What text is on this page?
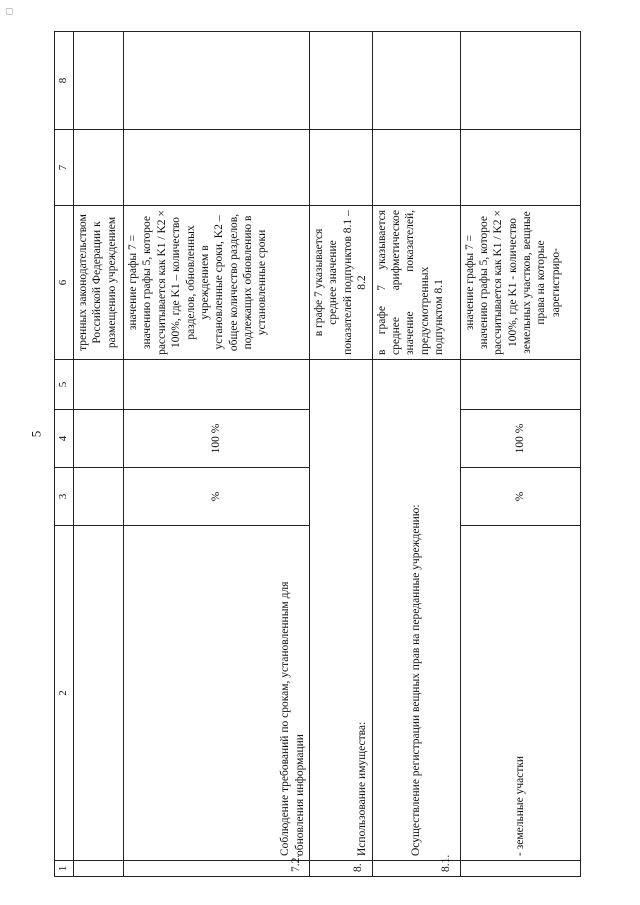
☐
5
1	2	3	4	5	6	7	8
					тренных законодательством Российской Федерации к размещению учреждением		
7.2.	Соблюдение требований по срокам, установленным для обновления информации	%	100 %		значение графы 7 = значению графы 5, которое рассчитывается как K1 / K2 × 100%, где K1 – количество разделов, обновленных учреждением в установленные сроки, K2 –общее количество разделов, подлежащих обновлению в установленные сроки		
8.	Использование имущества:				в графе 7 указывается среднее значение показателей подпунктов 8.1 – 8.2		
8.1.	Осуществление регистрации вещных прав на переданные учреждению:				в графе 7 указывается среднее арифметическое значение показателей, предусмотренных подпунктом 8.1		
	- земельные участки	%	100 %		значение графы 7 = значению графы 5, которое рассчитывается как K1 / K2 × 100%, где K1 - количество земельных участков, вещные права на которые зарегистриро-		
